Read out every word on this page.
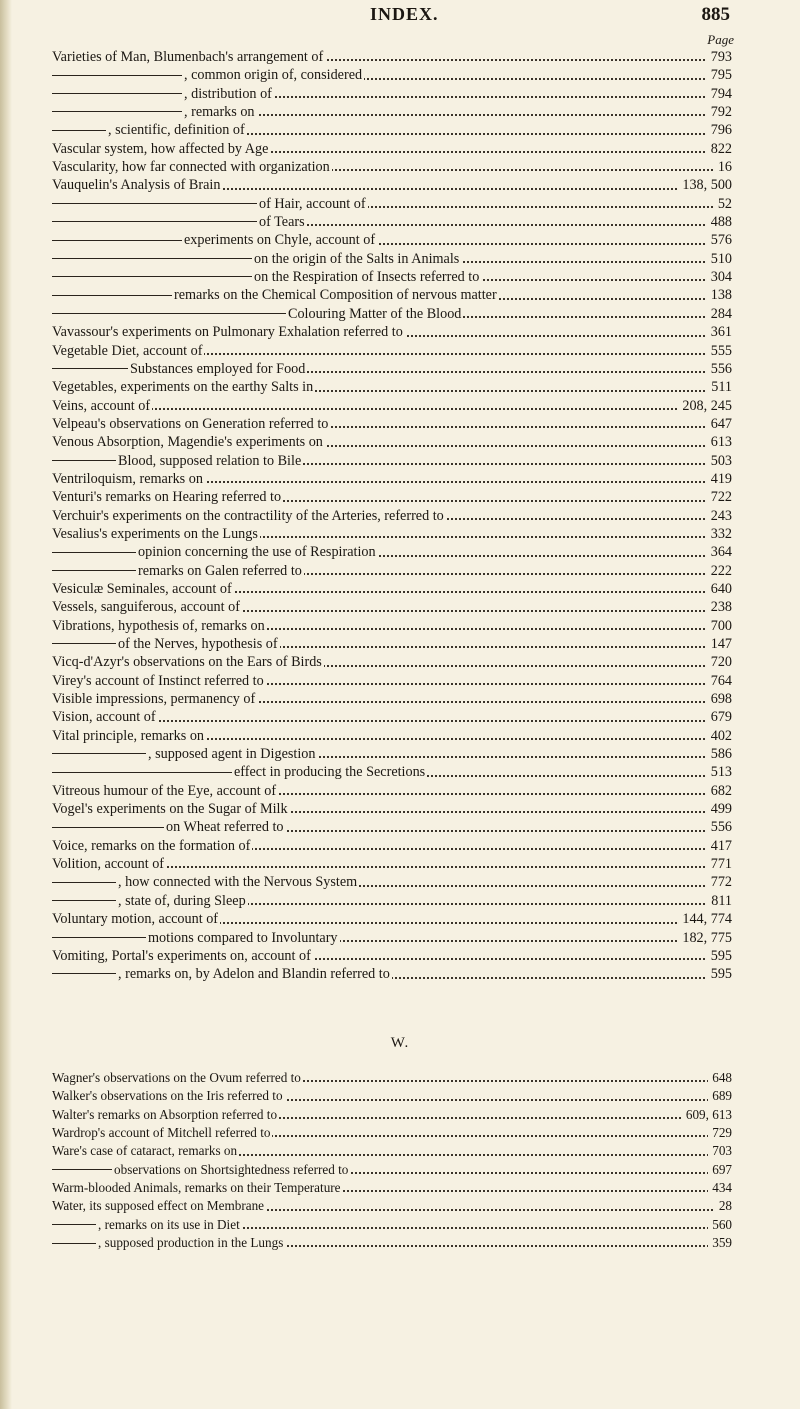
INDEX.	885
Page
Varieties of Man, Blumenbach's arrangement of	793
, common origin of, considered	795
, distribution of	794
, remarks on	792
, scientific, definition of	796
Vascular system, how affected by Age	822
Vascularity, how far connected with organization	16
Vauquelin's Analysis of Brain	138, 500
of Hair, account of	52
of Tears	488
experiments on Chyle, account of	576
on the origin of the Salts in Animals	510
on the Respiration of Insects referred to	304
remarks on the Chemical Composition of nervous matter	138
Colouring Matter of the Blood	284
Vavassour's experiments on Pulmonary Exhalation referred to	361
Vegetable Diet, account of	555
Substances employed for Food	556
Vegetables, experiments on the earthy Salts in	511
Veins, account of	208, 245
Velpeau's observations on Generation referred to	647
Venous Absorption, Magendie's experiments on	613
Blood, supposed relation to Bile	503
Ventriloquism, remarks on	419
Venturi's remarks on Hearing referred to	722
Verchuir's experiments on the contractility of the Arteries, referred to	243
Vesalius's experiments on the Lungs	332
opinion concerning the use of Respiration	364
remarks on Galen referred to	222
Vesiculæ Seminales, account of	640
Vessels, sanguiferous, account of	238
Vibrations, hypothesis of, remarks on	700
of the Nerves, hypothesis of	147
Vicq-d'Azyr's observations on the Ears of Birds	720
Virey's account of Instinct referred to	764
Visible impressions, permanency of	698
Vision, account of	679
Vital principle, remarks on	402
, supposed agent in Digestion	586
effect in producing the Secretions	513
Vitreous humour of the Eye, account of	682
Vogel's experiments on the Sugar of Milk	499
on Wheat referred to	556
Voice, remarks on the formation of	417
Volition, account of	771
, how connected with the Nervous System	772
, state of, during Sleep	811
Voluntary motion, account of	144, 774
motions compared to Involuntary	182, 775
Vomiting, Portal's experiments on, account of	595
, remarks on, by Adelon and Blandin referred to	595
W.
Wagner's observations on the Ovum referred to	648
Walker's observations on the Iris referred to	689
Walter's remarks on Absorption referred to	609, 613
Wardrop's account of Mitchell referred to	729
Ware's case of cataract, remarks on	703
observations on Shortsightedness referred to	697
Warm-blooded Animals, remarks on their Temperature	434
Water, its supposed effect on Membrane	28
, remarks on its use in Diet	560
, supposed production in the Lungs	359
